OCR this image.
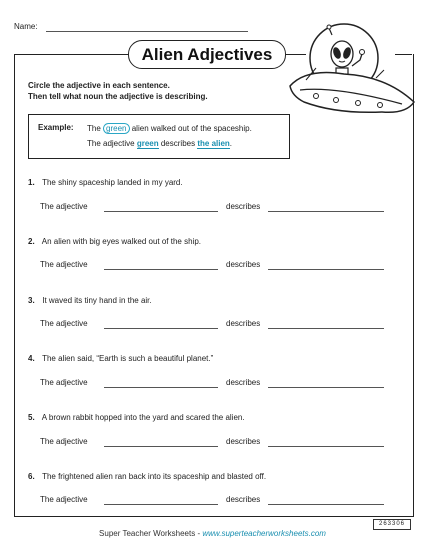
Name:
Alien Adjectives
Circle the adjective in each sentence.
Then tell what noun the adjective is describing.
Example: The green alien walked out of the spaceship.
The adjective green describes the alien.
1. The shiny spaceship landed in my yard.
The adjective	describes
2. An alien with big eyes walked out of the ship.
The adjective	describes
3. It waved its tiny hand in the air.
The adjective	describes
4. The alien said, “Earth is such a beautiful planet.”
The adjective	describes
5. A brown rabbit hopped into the yard and scared the alien.
The adjective	describes
6. The frightened alien ran back into its spaceship and blasted off.
The adjective	describes
263306
Super Teacher Worksheets - www.superteacherworksheets.com
